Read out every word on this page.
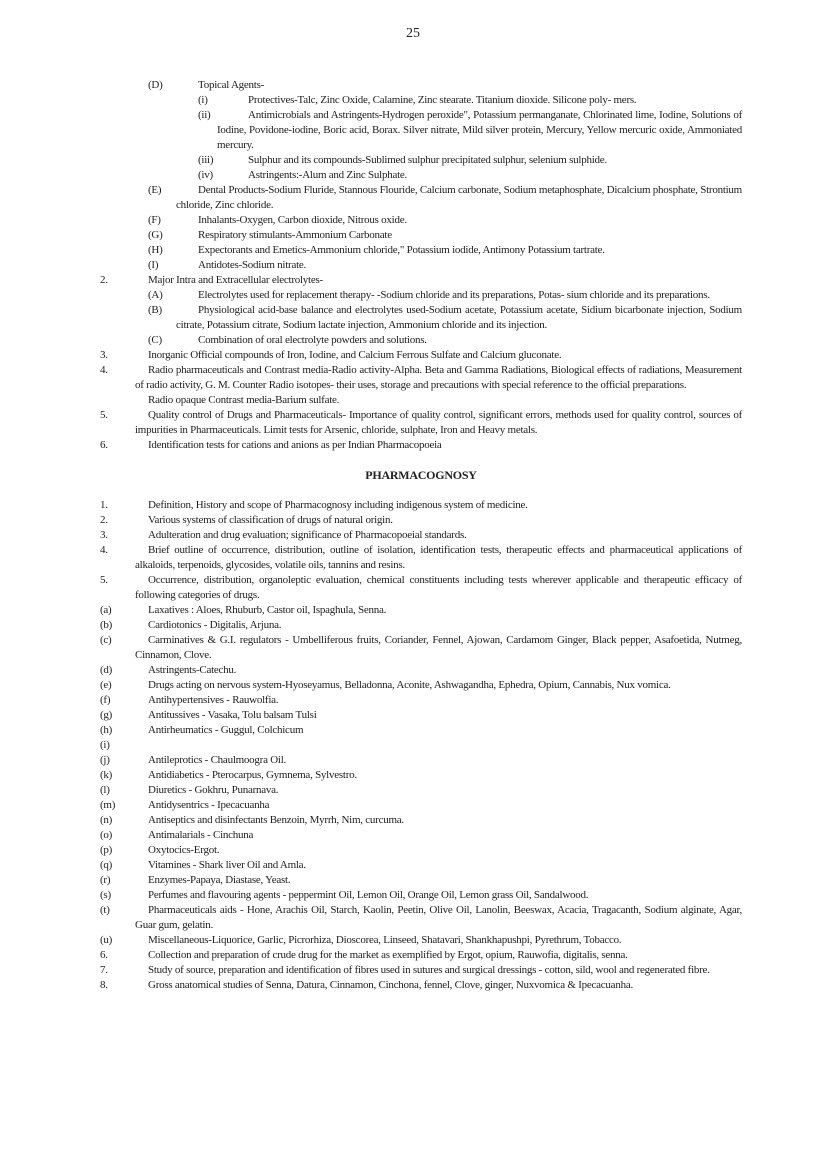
25
(D)	Topical Agents-
(i)	Protectives-Talc, Zinc Oxide, Calamine, Zinc stearate. Titanium dioxide. Silicone poly- mers.
(ii)	Antimicrobials and Astringents-Hydrogen peroxide", Potassium permanganate, Chlorinated lime, Iodine, Solutions of Iodine, Povidone-iodine, Boric acid, Borax. Silver nitrate, Mild silver protein, Mercury, Yellow mercuric oxide, Ammoniated mercury.
(iii)	Sulphur and its compounds-Sublimed sulphur precipitated sulphur, selenium sulphide.
(iv)	Astringents:-Alum and Zinc Sulphate.
(E)	Dental Products-Sodium Fluride, Stannous Flouride, Calcium carbonate, Sodium metaphosphate, Dicalcium phosphate, Strontium chloride, Zinc chloride.
(F)	Inhalants-Oxygen, Carbon dioxide, Nitrous oxide.
(G)	Respiratory stimulants-Ammonium Carbonate
(H)	Expectorants and Emetics-Ammonium chloride," Potassium iodide, Antimony Potassium tartrate.
(I)	Antidotes-Sodium nitrate.
2.	Major Intra and Extracellular electrolytes-
(A)	Electrolytes used for replacement therapy- -Sodium chloride and its preparations, Potas- sium chloride and its preparations.
(B)	Physiological acid-base balance and electrolytes used-Sodium acetate, Potassium acetate, Sidium bicarbonate injection, Sodium citrate, Potassium citrate, Sodium lactate injection, Ammonium chloride and its injection.
(C)	Combination of oral electrolyte powders and solutions.
3.	Inorganic Official compounds of Iron, Iodine, and Calcium Ferrous Sulfate and Calcium gluconate.
4.	Radio pharmaceuticals and Contrast media-Radio activity-Alpha. Beta and Gamma Radiations, Biological effects of radiations, Measurement of radio activity, G. M. Counter Radio isotopes- their uses, storage and precautions with special reference to the official preparations.
Radio opaque Contrast media-Barium sulfate.
5.	Quality control of Drugs and Pharmaceuticals- Importance of quality control, significant errors, methods used for quality control, sources of impurities in Pharmaceuticals. Limit tests for Arsenic, chloride, sulphate, Iron and Heavy metals.
6.	Identification tests for cations and anions as per Indian Pharmacopoeia
PHARMACOGNOSY
1.	Definition, History and scope of Pharmacognosy including indigenous system of medicine.
2.	Various systems of classification of drugs of natural origin.
3.	Adulteration and drug evaluation; significance of Pharmacopoeial standards.
4.	Brief outline of occurrence, distribution, outline of isolation, identification tests, therapeutic effects and pharmaceutical applications of alkaloids, terpenoids, glycosides, volatile oils, tannins and resins.
5.	Occurrence, distribution, organoleptic evaluation, chemical constituents including tests wherever applicable and therapeutic efficacy of following categories of drugs.
(a)	Laxatives : Aloes, Rhuburb, Castor oil, Ispaghula, Senna.
(b)	Cardiotonics - Digitalis, Arjuna.
(c)	Carminatives & G.I. regulators - Umbelliferous fruits, Coriander, Fennel, Ajowan, Cardamom Ginger, Black pepper, Asafoetida, Nutmeg, Cinnamon, Clove.
(d)	Astringents-Catechu.
(e)	Drugs acting on nervous system-Hyoseyamus, Belladonna, Aconite, Ashwagandha, Ephedra, Opium, Cannabis, Nux vomica.
(f)	Antihypertensives - Rauwolfia.
(g)	Antitussives - Vasaka, Tolu balsam Tulsi
(h)	Antirheumatics - Guggul, Colchicum
(i)

(j)	Antileprotics - Chaulmoogra Oil.
(k)	Antidiabetics - Pterocarpus, Gymnema, Sylvestro.
(l)	Diuretics - Gokhru, Punarnava.
(m)	Antidysentrics - Ipecacuanha
(n)	Antiseptics and disinfectants Benzoin, Myrrh, Nim, curcuma.
(o)	Antimalarials - Cinchuna
(p)	Oxytocics-Ergot.
(q)	Vitamines - Shark liver Oil and Amla.
(r)	Enzymes-Papaya, Diastase, Yeast.
(s)	Perfumes and flavouring agents - peppermint Oil, Lemon Oil, Orange Oil, Lemon grass Oil, Sandalwood.
(t)	Pharmaceuticals aids - Hone, Arachis Oil, Starch, Kaolin, Peetin, Olive Oil, Lanolin, Beeswax, Acacia, Tragacanth, Sodium alginate, Agar, Guar gum, gelatin.
(u)	Miscellaneous-Liquorice, Garlic, Picrorhiza, Dioscorea, Linseed, Shatavari, Shankhapushpi, Pyrethrum, Tobacco.
6.	Collection and preparation of crude drug for the market as exemplified by Ergot, opium, Rauwofia, digitalis, senna.
7.	Study of source, preparation and identification of fibres used in sutures and surgical dressings - cotton, sild, wool and regenerated fibre.
8.	Gross anatomical studies of Senna, Datura, Cinnamon, Cinchona, fennel, Clove, ginger, Nuxvomica & Ipecacuanha.
